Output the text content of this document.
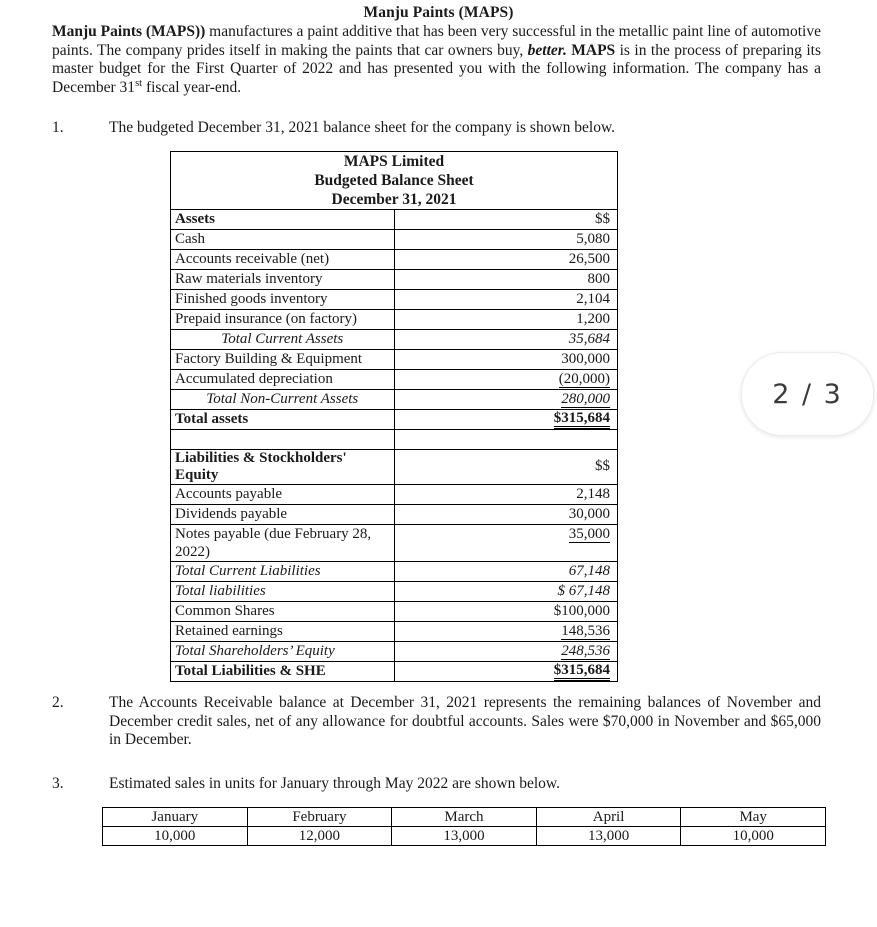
Manju Paints (MAPS)

Manju Paints (MAPS)) manufactures a paint additive that has been very successful in the metallic paint line of automotive paints. The company prides itself in making the paints that car owners buy, better. MAPS is in the process of preparing its master budget for the First Quarter of 2022 and has presented you with the following information. The company has a December 31st fiscal year-end.

1.	The budgeted December 31, 2021 balance sheet for the company is shown below.
MAPS Limited
Budgeted Balance Sheet
December 31, 2021	

Assets	$$
Cash	5,080
Accounts receivable (net)	26,500
Raw materials inventory	800
Finished goods inventory	2,104
Prepaid insurance (on factory)	1,200
Total Current Assets	35,684
Factory Building & Equipment	300,000
Accumulated depreciation	(20,000)
Total Non-Current Assets	280,000
Total assets	$315,684

Liabilities & Stockholders' Equity	$$
Accounts payable	2,148
Dividends payable	30,000
Notes payable (due February 28, 2022)	35,000
Total Current Liabilities	67,148
Total liabilities	$ 67,148
Common Shares	$100,000
Retained earnings	148,536
Total Shareholders’ Equity	248,536
Total Liabilities & SHE	$315,684
2.	The Accounts Receivable balance at December 31, 2021 represents the remaining balances of November and December credit sales, net of any allowance for doubtful accounts. Sales were $70,000 in November and $65,000 in December.
3.	Estimated sales in units for January through May 2022 are shown below.
January	February	March	April	May
10,000	12,000	13,000	13,000	10,000
2 / 3
